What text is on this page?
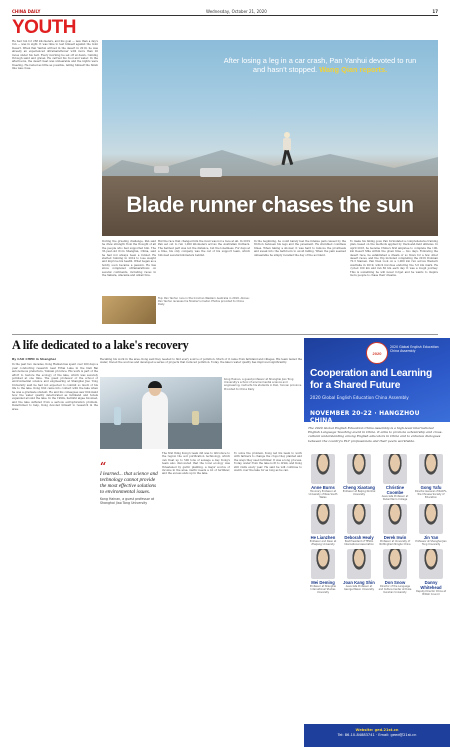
CHINA DAILY	Wednesday, October 21, 2020	17
YOUTH
He had run for 268 kilometers, and his goal — less than a day's run — was in sight. It was time to test himself against the Gobi Desert. When Pan Yanhui arrived in the desert in 2019, he was already an experienced ultramarathoner with more than 20 races under his belt. Every morning he set off at dawn, running through sand and gravel. He carried his food and water. In the afternoons, the desert heat was unbearable and the nights were freezing. He rested as little as possible, telling himself the finish line was close.
After losing a leg in a car crash, Pan Yanhui devoted to run and hasn't stopped. Wang Qian reports.
Blade runner chases the sun
During the grueling challenge, Pan said he drew strength from the thought of all the people who had supported him. The 35-year-old from Shanghai, China, said he had not always been a runner. He started running in 2014 to lose weight and improve his health. What began as a hobby soon became a passion. He has since completed ultramarathons on several continents, including races in the Sahara, Atacama and Antarctica.
But the race that changed him the most was not a race at all. In 2019 Pan set out to run 1,000 kilometers across the Australian Outback. The hardest part was not the distance, but the loneliness. For days at a time, his only company was the car of his support team, which followed several kilometers behind.
Top: Pan Yanhui runs in the Ironman Western Australia in 2019. Above: Pan Yanhui receives his finisher's medal. Photos provided to China Daily
In the beginning, he could barely feel the intense pain caused by the friction between his legs and the pavement. He stumbled countless times. When taking a shower, it was hard to remove the prosthesis and sweat into the bathroom to avoid falling. When the pain seemed unbearable he simply recalled the day of the accident.
To make his biking goal, Pan formulated a comprehensive training plan, based on the methods applied by track-and-field athletes. In April 2018, he became China's first amputee to complete the 100-km Desert Mile within the given time — two days. Following the desert race, he established a dream or so flows for a few other desert races, and the trip included completing the 2019 Ironman 70.3 Xiamen. Pan then took on a 1,000 km run across Western Australia in 2019, which involves enduring the 5.6 km mark. He cycled 100 km and ran 60 km each day. It was a tough journey. This is something he will never forget and he wants to inspire more people to chase their dreams.
A life dedicated to a lake's recovery
By CAO CHEN in Shanghai
In the past two decades, Kong Hainan has spent over 200 days a year conducting research near Erhai Lake in the Dali Bai autonomous prefecture, Yunnan province. His work is part of the effort to restore the ecology of the lake, which was severely polluted at one time. The guest professor of the school of environmental science and engineering at Shanghai Jiao Tong University said he had not expected to commit so much of his life to the lake. Kong first came into contact with the lake when he was a graduate student. He and his colleagues saw first-hand how the water quality deteriorated as farmland and hotels expanded around the lake. In the 1990s, harmful algae bloomed, and the lake suffered from a serious eutrophication problem. Determined to help, Kong devoted himself to research in the area.
Recalling his work in the area, Kong said they needed to find every source of pollution. Much of it came from farmland and villages. His team tested the water, traced the sources and developed a series of projects that reduced pollution. Today, the lake's water quality has improved significantly.
Kong Hainan, a guest professor at Shanghai Jiao Tong University's school of environmental science and engineering, instructs his students in Dali, Yunnan province. Provided to China Daily
“
I learned... that science and technology cannot provide the most effective solutions to environmental issues.
Kong Hainan, a guest professor at Shanghai Jiao Tong University
The first thing Kong's team did was to introduce to the region the soil purification technology, which can treat up to 500 tons of sewage a day. Kong's team also discovered that the local ecology was threatened by garlic planting, a major source of income in the area. Garlic needs a lot of fertilizer, and the excess ends up in the lake.
To solve the problem, Kong led his team to work with farmers to change the crops they planted and the ways they used fertilizer. It was a long process. Today, water from the lake is fit to drink, and Kong still visits every year. He said he will continue to watch over the lake for as long as he can.
2020
2020 Global English Education China Assembly
Cooperation and Learning for a Shared Future
2020 Global English Education China Assembly
NOVEMBER 20-22 · HANGZHOU CHINA
The 2020 Global English Education China Assembly is a high-level international English Language Teaching event in China. It aims to promote scholarship and cross-cultural understanding among English educators in China and to enhance dialogues between the country's ELT professionals and their peers worldwide.
Anne Burns
Honorary Professor at University of New South Wales
Cheng Xiaotang
Professor at Beijing Normal University
Christine Coombe
Associate Professor at Dubai Men's College
Gong Yafu
Director-General of NACFL, the Chinese Society of Education
He Lianzhen
Professor and Dean at Zhejiang University
Deborah Healy
Past President of TESOL International Association
Derek Irwin
Professor at University of Nottingham Ningbo China
Jin Yan
Professor at Shanghai Jiao Tong University
Mei Deming
Professor at Shanghai International Studies University
Joan Kang Shin
Associate Professor at George Mason University
Don Snow
Director of the Language and Culture Center at Duke Kunshan University
Danny Whitehead
Deputy Director China at British Council
Website: ged.21st.cn
Tel: 86-10-84883741 · Email: geed@21st.cn
